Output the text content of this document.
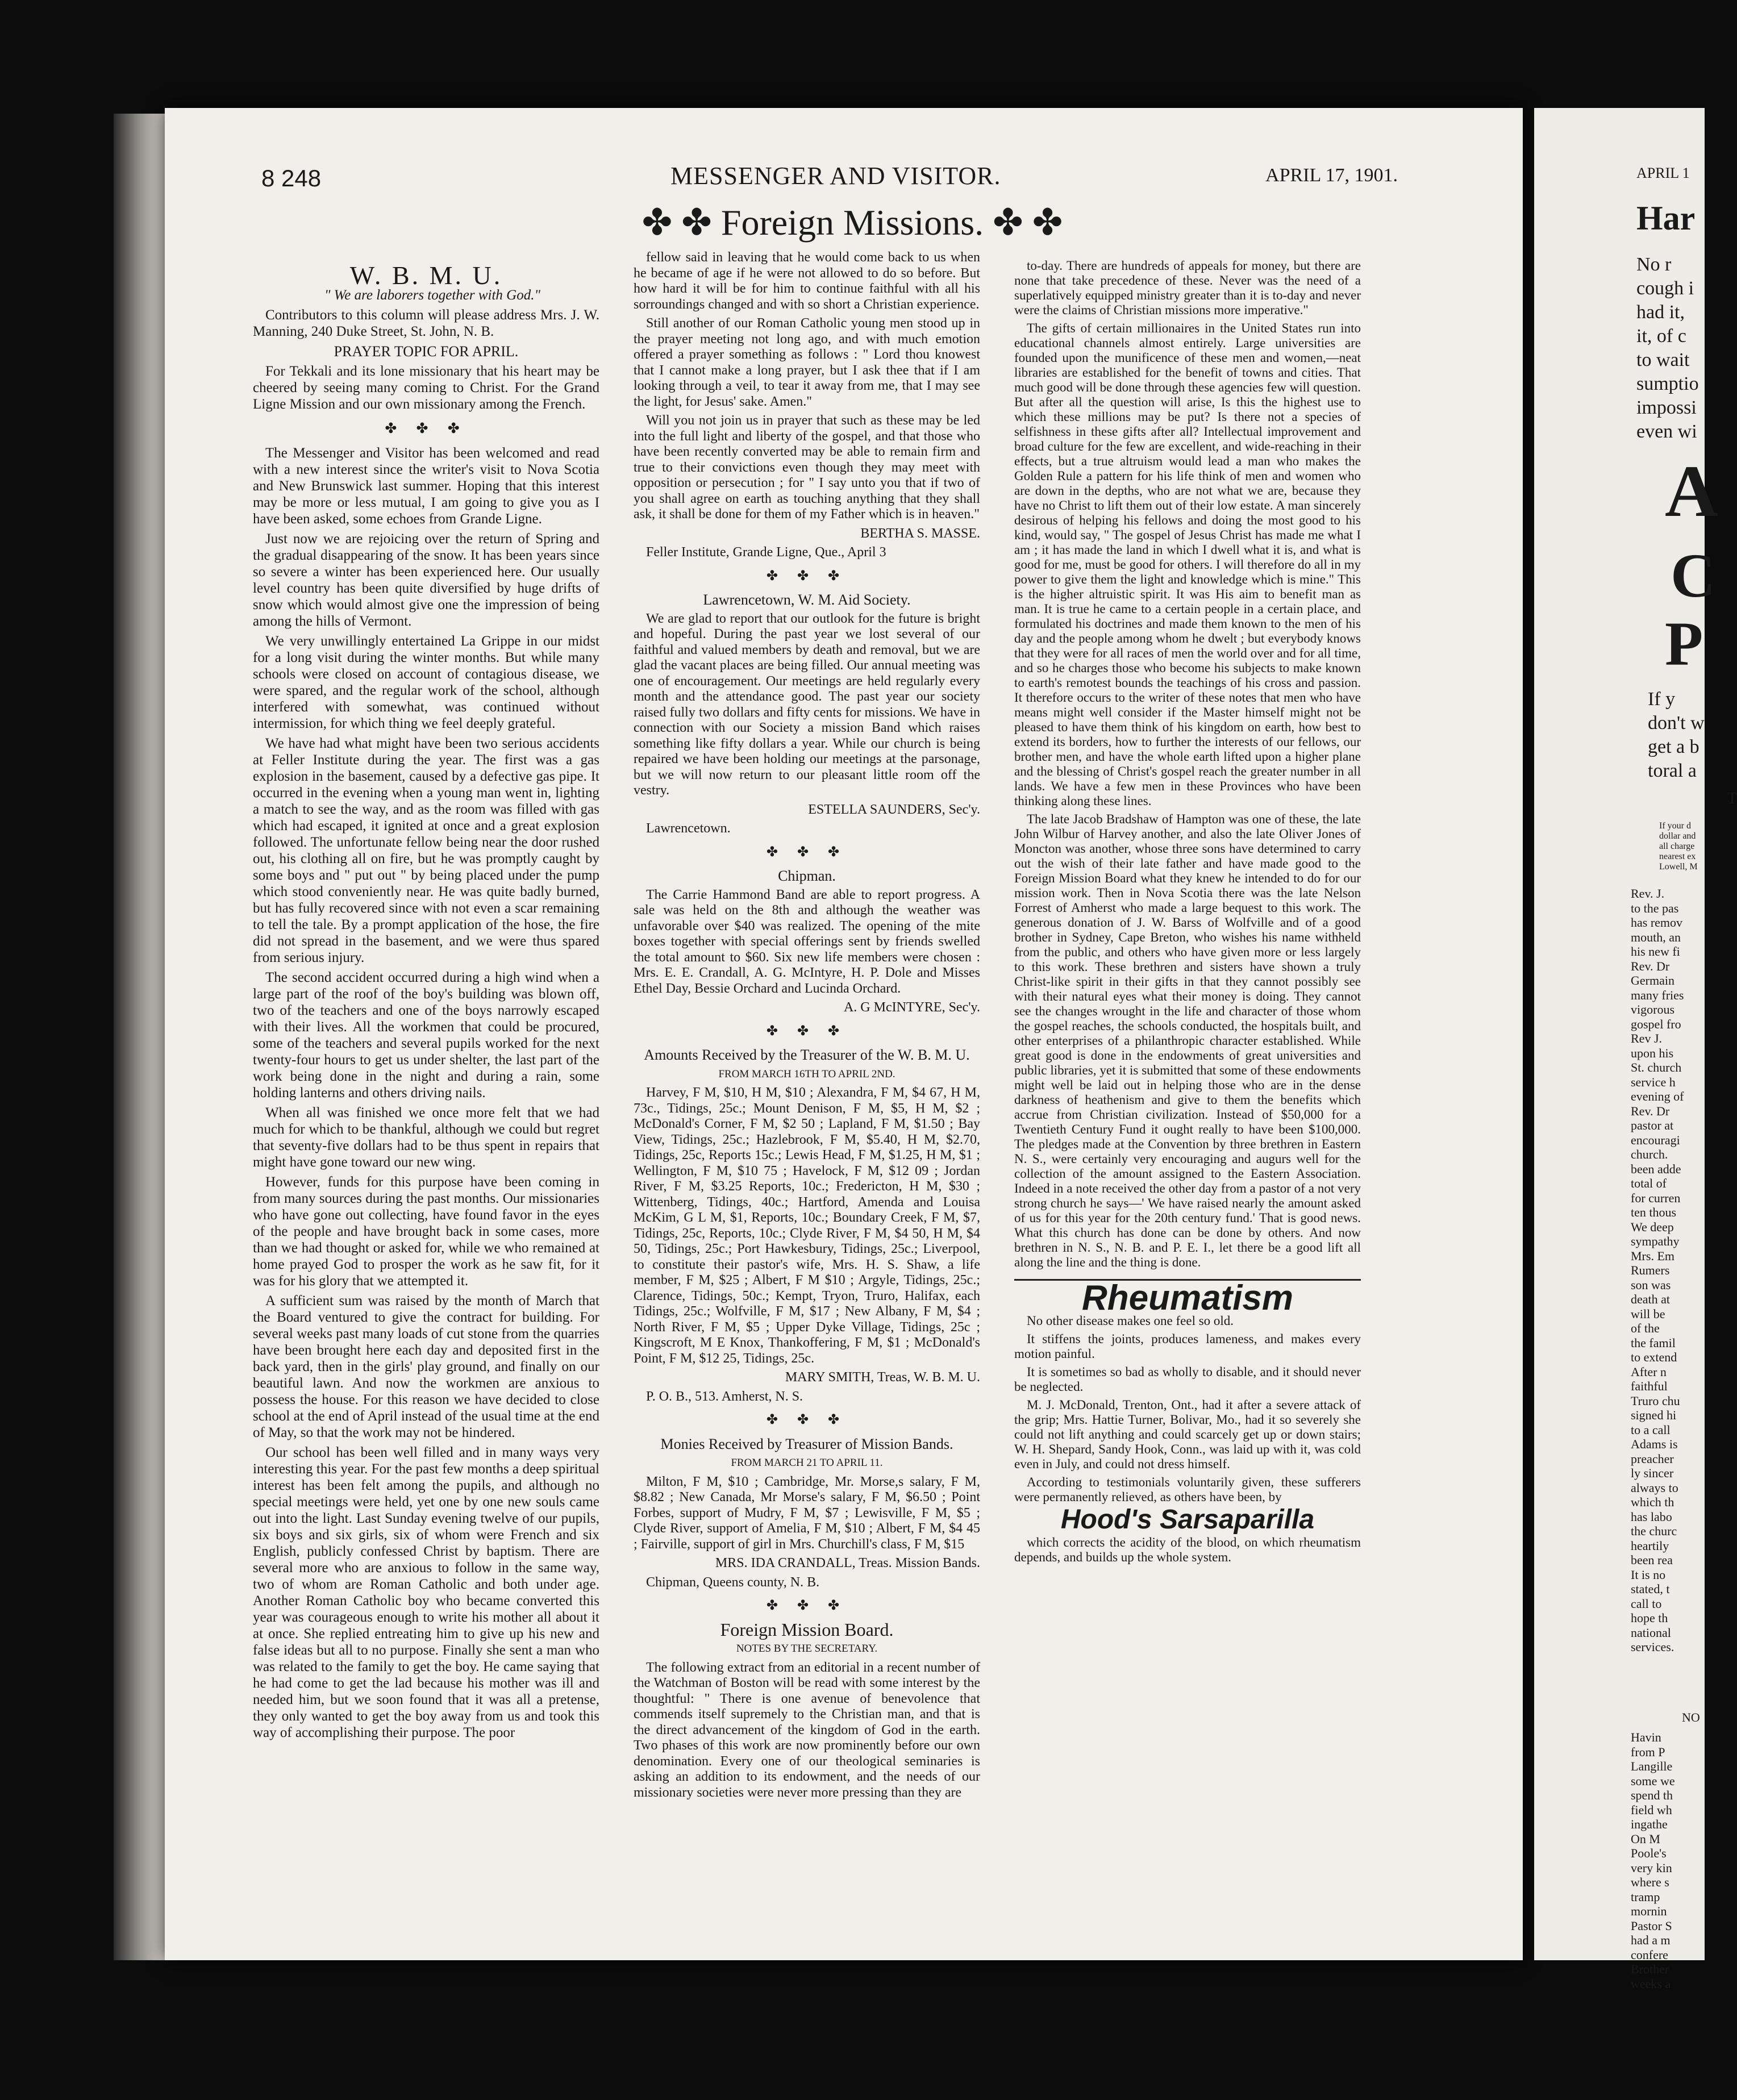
8 248	MESSENGER AND VISITOR.	APRIL 17, 1901.
✤ ✤ Foreign Missions. ✤ ✤
W. B. M. U.

" We are laborers together with God."

Contributors to this column will please address Mrs. J. W. Manning, 240 Duke Street, St. John, N. B.

PRAYER TOPIC FOR APRIL.

For Tekkali and its lone missionary that his heart may be cheered by seeing many coming to Christ. For the Grand Ligne Mission and our own missionary among the French.

✤ ✤ ✤

The Messenger and Visitor has been welcomed and read with a new interest since the writer's visit to Nova Scotia and New Brunswick last summer. Hoping that this interest may be more or less mutual, I am going to give you as I have been asked, some echoes from Grande Ligne.

Just now we are rejoicing over the return of Spring and the gradual disappearing of the snow. It has been years since so severe a winter has been experienced here. Our usually level country has been quite diversified by huge drifts of snow which would almost give one the impression of being among the hills of Vermont.

We very unwillingly entertained La Grippe in our midst for a long visit during the winter months. But while many schools were closed on account of contagious disease, we were spared, and the regular work of the school, although interfered with somewhat, was continued without intermission, for which thing we feel deeply grateful.

We have had what might have been two serious accidents at Feller Institute during the year. The first was a gas explosion in the basement, caused by a defective gas pipe. It occurred in the evening when a young man went in, lighting a match to see the way, and as the room was filled with gas which had escaped, it ignited at once and a great explosion followed. The unfortunate fellow being near the door rushed out, his clothing all on fire, but he was promptly caught by some boys and " put out " by being placed under the pump which stood conveniently near. He was quite badly burned, but has fully recovered since with not even a scar remaining to tell the tale. By a prompt application of the hose, the fire did not spread in the basement, and we were thus spared from serious injury.

The second accident occurred during a high wind when a large part of the roof of the boy's building was blown off, two of the teachers and one of the boys narrowly escaped with their lives. All the workmen that could be procured, some of the teachers and several pupils worked for the next twenty-four hours to get us under shelter, the last part of the work being done in the night and during a rain, some holding lanterns and others driving nails.

When all was finished we once more felt that we had much for which to be thankful, although we could but regret that seventy-five dollars had to be thus spent in repairs that might have gone toward our new wing.

However, funds for this purpose have been coming in from many sources during the past months. Our missionaries who have gone out collecting, have found favor in the eyes of the people and have brought back in some cases, more than we had thought or asked for, while we who remained at home prayed God to prosper the work as he saw fit, for it was for his glory that we attempted it.

A sufficient sum was raised by the month of March that the Board ventured to give the contract for building. For several weeks past many loads of cut stone from the quarries have been brought here each day and deposited first in the back yard, then in the girls' play ground, and finally on our beautiful lawn. And now the workmen are anxious to possess the house. For this reason we have decided to close school at the end of April instead of the usual time at the end of May, so that the work may not be hindered.

Our school has been well filled and in many ways very interesting this year. For the past few months a deep spiritual interest has been felt among the pupils, and although no special meetings were held, yet one by one new souls came out into the light. Last Sunday evening twelve of our pupils, six boys and six girls, six of whom were French and six English, publicly confessed Christ by baptism. There are several more who are anxious to follow in the same way, two of whom are Roman Catholic and both under age. Another Roman Catholic boy who became converted this year was courageous enough to write his mother all about it at once. She replied entreating him to give up his new and false ideas but all to no purpose. Finally she sent a man who was related to the family to get the boy. He came saying that he had come to get the lad because his mother was ill and needed him, but we soon found that it was all a pretense, they only wanted to get the boy away from us and took this way of accomplishing their purpose. The poor

fellow said in leaving that he would come back to us when he became of age if he were not allowed to do so before. But how hard it will be for him to continue faithful with all his sorroundings changed and with so short a Christian experience.

Still another of our Roman Catholic young men stood up in the prayer meeting not long ago, and with much emotion offered a prayer something as follows : " Lord thou knowest that I cannot make a long prayer, but I ask thee that if I am looking through a veil, to tear it away from me, that I may see the light, for Jesus' sake. Amen."

Will you not join us in prayer that such as these may be led into the full light and liberty of the gospel, and that those who have been recently converted may be able to remain firm and true to their convictions even though they may meet with opposition or persecution ; for " I say unto you that if two of you shall agree on earth as touching anything that they shall ask, it shall be done for them of my Father which is in heaven."

BERTHA S. MASSE.

Feller Institute, Grande Ligne, Que., April 3

✤ ✤ ✤

Lawrencetown, W. M. Aid Society.

We are glad to report that our outlook for the future is bright and hopeful. During the past year we lost several of our faithful and valued members by death and removal, but we are glad the vacant places are being filled. Our annual meeting was one of encouragement. Our meetings are held regularly every month and the attendance good. The past year our society raised fully two dollars and fifty cents for missions. We have in connection with our Society a mission Band which raises something like fifty dollars a year. While our church is being repaired we have been holding our meetings at the parsonage, but we will now return to our pleasant little room off the vestry.

ESTELLA SAUNDERS, Sec'y.

Lawrencetown.

✤ ✤ ✤

Chipman.

The Carrie Hammond Band are able to report progress. A sale was held on the 8th and although the weather was unfavorable over $40 was realized. The opening of the mite boxes together with special offerings sent by friends swelled the total amount to $60. Six new life members were chosen : Mrs. E. E. Crandall, A. G. McIntyre, H. P. Dole and Misses Ethel Day, Bessie Orchard and Lucinda Orchard.

A. G McINTYRE, Sec'y.

✤ ✤ ✤

Amounts Received by the Treasurer of the W. B. M. U.

FROM MARCH 16TH TO APRIL 2ND.

Harvey, F M, $10, H M, $10 ; Alexandra, F M, $4 67, H M, 73c., Tidings, 25c.; Mount Denison, F M, $5, H M, $2 ; McDonald's Corner, F M, $2 50 ; Lapland, F M, $1.50 ; Bay View, Tidings, 25c.; Hazlebrook, F M, $5.40, H M, $2.70, Tidings, 25c, Reports 15c.; Lewis Head, F M, $1.25, H M, $1 ; Wellington, F M, $10 75 ; Havelock, F M, $12 09 ; Jordan River, F M, $3.25 Reports, 10c.; Fredericton, H M, $30 ; Wittenberg, Tidings, 40c.; Hartford, Amenda and Louisa McKim, G L M, $1, Reports, 10c.; Boundary Creek, F M, $7, Tidings, 25c, Reports, 10c.; Clyde River, F M, $4 50, H M, $4 50, Tidings, 25c.; Port Hawkesbury, Tidings, 25c.; Liverpool, to constitute their pastor's wife, Mrs. H. S. Shaw, a life member, F M, $25 ; Albert, F M $10 ; Argyle, Tidings, 25c.; Clarence, Tidings, 50c.; Kempt, Tryon, Truro, Halifax, each Tidings, 25c.; Wolfville, F M, $17 ; New Albany, F M, $4 ; North River, F M, $5 ; Upper Dyke Village, Tidings, 25c ; Kingscroft, M E Knox, Thankoffering, F M, $1 ; McDonald's Point, F M, $12 25, Tidings, 25c.

MARY SMITH, Treas, W. B. M. U.

P. O. B., 513. Amherst, N. S.

✤ ✤ ✤

Monies Received by Treasurer of Mission Bands.

FROM MARCH 21 TO APRIL 11.

Milton, F M, $10 ; Cambridge, Mr. Morse,s salary, F M, $8.82 ; New Canada, Mr Morse's salary, F M, $6.50 ; Point Forbes, support of Mudry, F M, $7 ; Lewisville, F M, $5 ; Clyde River, support of Amelia, F M, $10 ; Albert, F M, $4 45 ; Fairville, support of girl in Mrs. Churchill's class, F M, $15

MRS. IDA CRANDALL, Treas. Mission Bands.

Chipman, Queens county, N. B.

✤ ✤ ✤

Foreign Mission Board.

NOTES BY THE SECRETARY.

The following extract from an editorial in a recent number of the Watchman of Boston will be read with some interest by the thoughtful: " There is one avenue of benevolence that commends itself supremely to the Christian man, and that is the direct advancement of the kingdom of God in the earth. Two phases of this work are now prominently before our own denomination. Every one of our theological seminaries is asking an addition to its endowment, and the needs of our missionary societies were never more pressing than they are

to-day. There are hundreds of appeals for money, but there are none that take precedence of these. Never was the need of a superlatively equipped ministry greater than it is to-day and never were the claims of Christian missions more imperative."

The gifts of certain millionaires in the United States run into educational channels almost entirely. Large universities are founded upon the munificence of these men and women,—neat libraries are established for the benefit of towns and cities. That much good will be done through these agencies few will question. But after all the question will arise, Is this the highest use to which these millions may be put? Is there not a species of selfishness in these gifts after all? Intellectual improvement and broad culture for the few are excellent, and wide-reaching in their effects, but a true altruism would lead a man who makes the Golden Rule a pattern for his life think of men and women who are down in the depths, who are not what we are, because they have no Christ to lift them out of their low estate. A man sincerely desirous of helping his fellows and doing the most good to his kind, would say, " The gospel of Jesus Christ has made me what I am ; it has made the land in which I dwell what it is, and what is good for me, must be good for others. I will therefore do all in my power to give them the light and knowledge which is mine." This is the higher altruistic spirit. It was His aim to benefit man as man. It is true he came to a certain people in a certain place, and formulated his doctrines and made them known to the men of his day and the people among whom he dwelt ; but everybody knows that they were for all races of men the world over and for all time, and so he charges those who become his subjects to make known to earth's remotest bounds the teachings of his cross and passion. It therefore occurs to the writer of these notes that men who have means might well consider if the Master himself might not be pleased to have them think of his kingdom on earth, how best to extend its borders, how to further the interests of our fellows, our brother men, and have the whole earth lifted upon a higher plane and the blessing of Christ's gospel reach the greater number in all lands. We have a few men in these Provinces who have been thinking along these lines.

The late Jacob Bradshaw of Hampton was one of these, the late John Wilbur of Harvey another, and also the late Oliver Jones of Moncton was another, whose three sons have determined to carry out the wish of their late father and have made good to the Foreign Mission Board what they knew he intended to do for our mission work. Then in Nova Scotia there was the late Nelson Forrest of Amherst who made a large bequest to this work. The generous donation of J. W. Barss of Wolfville and of a good brother in Sydney, Cape Breton, who wishes his name withheld from the public, and others who have given more or less largely to this work. These brethren and sisters have shown a truly Christ-like spirit in their gifts in that they cannot possibly see with their natural eyes what their money is doing. They cannot see the changes wrought in the life and character of those whom the gospel reaches, the schools conducted, the hospitals built, and other enterprises of a philanthropic character established. While great good is done in the endowments of great universities and public libraries, yet it is submitted that some of these endowments might well be laid out in helping those who are in the dense darkness of heathenism and give to them the benefits which accrue from Christian civilization. Instead of $50,000 for a Twentieth Century Fund it ought really to have been $100,000. The pledges made at the Convention by three brethren in Eastern N. S., were certainly very encouraging and augurs well for the collection of the amount assigned to the Eastern Association. Indeed in a note received the other day from a pastor of a not very strong church he says—' We have raised nearly the amount asked of us for this year for the 20th century fund.' That is good news. What this church has done can be done by others. And now brethren in N. S., N. B. and P. E. I., let there be a good lift all along the line and the thing is done.

Rheumatism

No other disease makes one feel so old.

It stiffens the joints, produces lameness, and makes every motion painful.

It is sometimes so bad as wholly to disable, and it should never be neglected.

M. J. McDonald, Trenton, Ont., had it after a severe attack of the grip; Mrs. Hattie Turner, Bolivar, Mo., had it so severely she could not lift anything and could scarcely get up or down stairs; W. H. Shepard, Sandy Hook, Conn., was laid up with it, was cold even in July, and could not dress himself.

According to testimonials voluntarily given, these sufferers were permanently relieved, as others have been, by

Hood's Sarsaparilla

which corrects the acidity of the blood, on which rheumatism depends, and builds up the whole system.

APRIL 1
Har
No r
cough i
had it,
it, of c
to wait
sumptio
impossi
even wi
A
C
P
If y
don't w
get a b
toral a
T
If your d
dollar and
all charge
nearest ex
Lowell, M
Rev. J.
to the pas
has remov
mouth, an
his new fi
Rev. Dr
Germain
many fries
vigorous
gospel fro
Rev J.
upon his
St. church
service h
evening of
Rev. Dr
pastor at
encouragi
church.
been adde
total of
for curren
ten thous
We deep
sympathy
Mrs. Em
Rumers
son was
death at
will be
of the
the famil
to extend
After n
faithful
Truro chu
signed hi
to a call
Adams is
preacher
ly sincer
always to
which th
has labo
the churc
heartily
been rea
It is no
stated, t
call to
hope th
national
services.
NO
Havin
from P
Langille
some we
spend th
field wh
ingathe
On M
Poole's
very kin
where s
tramp
mornin
Pastor S
had a m
confere
Brother
weeks a
